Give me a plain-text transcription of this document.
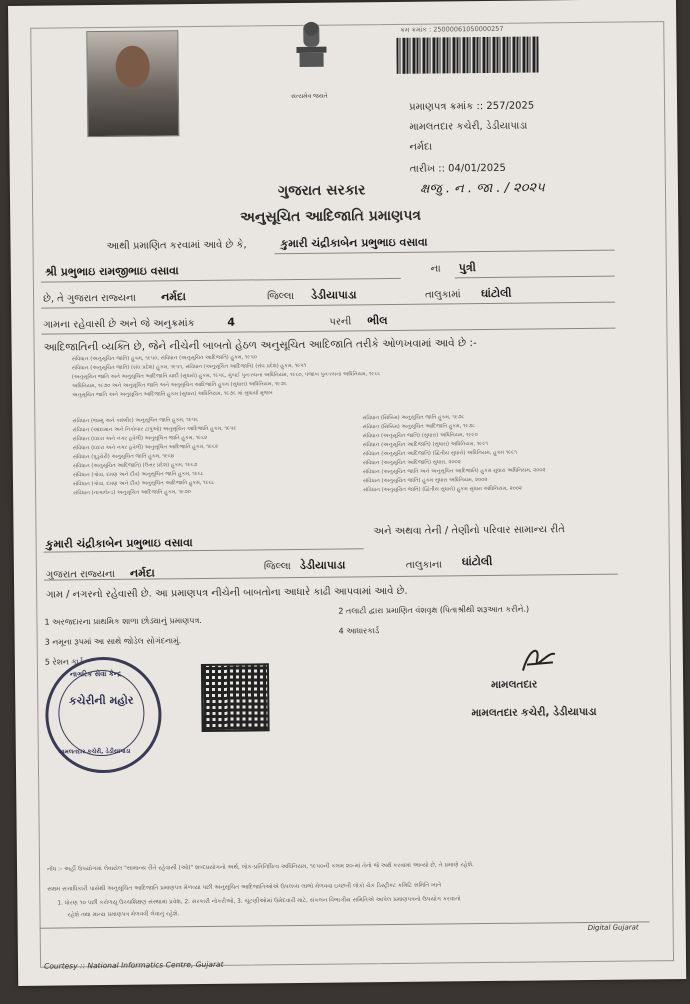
સત્યમેવ જયતે
ક્રમ ક્રમાંક : 25000061050000257
પ્રમાણપત્ર ક્રમાંક :: 257/2025
મામલતદાર કચેરી, ડેડીયાપાડા
નર્મદા
તારીખ :: 04/01/2025
ક્ષજુ . ન . જા . / ૨૦૨૫
ગુજરાત સરકાર
અનુસૂચિત આદિજાતિ પ્રમાણપત્ર
આથી પ્રમાણિત કરવામાં આવે છે કે,	કુમારી ચંદ્રીકાબેન પ્રભુભાઇ વસાવા
શ્રી પ્રભુભાઇ રામજીભાઇ વસાવા	ના પુત્રી
છે, તે ગુજરાત રાજ્યના નર્મદા	જિલ્લા ડેડીયાપાડા	તાલુકામાં ઘાંટોલી
ગામના રહેવાસી છે અને જે અનુક્રમાંક	4	પરની ભીલ
આદિજાતિની વ્યક્તિ છે, જેને નીચેની બાબતો હેઠળ અનુસૂચિત આદિજાતિ તરીકે ઓળખવામાં આવે છે :-
સંવિધાન (અનુસૂચિત જાતિ) હુકમ, ૧૯૫૦, સંવિધાન (અનુસૂચિત આદિજાતિ) હુકમ, ૧૯૫૦
સંવિધાન (અનુસૂચિત જાતિ) (સંઘ પ્રદેશ) હુકમ, ૧૯૫૧, સંવિધાન (અનુસૂચિત આદિજાતિ) (સંઘ પ્રદેશ) હુકમ, ૧૯૫૧
(અનુસૂચિત જાતિ અને અનુસૂચિત આદિજાતિ યાદી (સુધારો) હુકમ, ૧૯૫૬, મુંબઈ પુનઃરચના અધિનિયમ, ૧૯૬૦, પંજાબ પુનઃરચના અધિનિયમ, ૧૯૬૬
અધિનિયમ, ૧૯૭૦ અને અનુસૂચિત જાતિ અને અનુસૂચિત આદિજાતિ હુકમ (સુધારા) અધિનિયમ, ૧૯૭૬
અનુસૂચિત જાતિ અને અનુસૂચિત આદિજાતિ હુકમ (સુધારા) અધિનિયમ, ૧૯૭૬ માં સુધાર્યા મુજબ
સંવિધાન (જમ્મુ અને કાશ્મીર) અનુસૂચિત જાતિ હુકમ, ૧૯૫૬
સંવિધાન (આંદામાન અને નિકોબાર ટાપુઓ) અનુસૂચિત આદિજાતિ હુકમ, ૧૯૫૯
સંવિધાન (દાદરા અને નગર હવેલી) અનુસૂચિત જાતિ હુકમ, ૧૯૬૨
સંવિધાન (દાદરા અને નગર હવેલી) અનુસૂચિત આદિજાતિ હુકમ, ૧૯૬૨
સંવિધાન (પુડુચેરી) અનુસૂચિત જાતિ હુકમ, ૧૯૬૪
સંવિધાન (અનુસૂચિત આદિજાતિ) (ઉત્તર પ્રદેશ) હુકમ, ૧૯૬૭
સંવિધાન (ગોવા, દમણ અને દીવ) અનુસૂચિત જાતિ હુકમ, ૧૯૬૮
સંવિધાન (ગોવા, દમણ અને દીવ) અનુસૂચિત આદિજાતિ હુકમ, ૧૯૬૮
સંવિધાન (નાગાલેન્ડ) અનુસૂચિત આદિજાતિ હુકમ, ૧૯૭૦
સંવિધાન (સિક્કિમ) અનુસૂચિત જાતિ હુકમ, ૧૯૭૮
સંવિધાન (સિક્કિમ) અનુસૂચિત આદિજાતિ હુકમ, ૧૯૭૮
સંવિધાન (અનુસૂચિત જાતિ) (સુધારા) અધિનિયમ, ૧૯૯૦
સંવિધાન (અનુસૂચિત આદિજાતિ) (સુધારા) અધિનિયમ, ૧૯૯૧
સંવિધાન (અનુસૂચિત આદિજાતિ) (દ્વિતીય સુધારો) અધિનિયમ, હુકમ ૧૯૯૧
સંવિધાન (અનુસૂચિત આદિજાતિ) સુધારા, ૨૦૦૨
સંવિધાન (અનુસૂચિત જાતિ અને અનુસૂચિત આદિજાતિ) હુકમ સુધારા અધિનિયમ, ૨૦૦૨
સંવિધાન (અનુસૂચિત જાતિ) હુકમ સુધારા અધિનિયમ, ૨૦૦૨
સંવિધાન (અનુસૂચિત જાતિ) (દ્વિતીય સુધારો) હુકમ સુધારા અધિનિયમ, ૨૦૦૨
અને અથવા તેની / તેણીનો પરિવાર સામાન્ય રીતે
કુમારી ચંદ્રીકાબેન પ્રભુભાઇ વસાવા
ગુજરાત રાજ્યના નર્મદા	જિલ્લા ડેડીયાપાડા	તાલુકાના ઘાંટોલી
ગામ / નગરનો રહેવાસી છે. આ પ્રમાણપત્ર નીચેની બાબતોના આધારે કાઢી આપવામાં આવે છે.
1 અરજદારના પ્રાથમિક શાળા છોડ્યાનું પ્રમાણપત્ર.
2 તલાટી દ્વારા પ્રમાણિત વંશવૃક્ષ (પિતાશ્રીથી શરૂઆત કરીને.)
3 નમૂના રૂપમાં આ સાથે જોડેલ સોગંદનામું.
4 આધારકાર્ડ
5 રેશન કાર્ડ
મામલતદાર
મામલતદાર કચેરી, ડેડીયાપાડા
નાગરિક સેવા કેન્દ્ર
કચેરીની મહોર
મામલતદાર કચેરી, ડેડીયાપાડા
નોંધ :- અહીં ઉપયોગમાં લેવાયેલ "સામાન્ય રીતે રહેવાસી (ઓ)" શબ્દપ્રયોગનો અર્થ, લોક-પ્રતિનિધિત્વ અધિનિયમ, ૧૯૫૦ની કલમ ૨૦-માં તેનો જે અર્થ કરવામાં આવ્યો છે, તે પ્રમાણે રહેશે.
સક્ષમ સત્તાધિકારી પાસેથી અનુસૂચિત આદિજાતિ પ્રમાણપત્ર મેળવ્યા પછી અનુસૂચિત આદિજાતિઓએ ઉપલબ્ધ લાભો મેળવવા ઇચ્છતી લોકો ચેક ડિસ્ટ્રીક્ટ કમિટિ સમિતિ ખાતે
1. ધોરણ ૧૦ પછી કરોળયુ ઉચ્ચશિક્ષણ સંસ્થામાં પ્રવેશ, 2. સરકારી નોકરીઓ, 3. ચૂંટણીઓમાં ઉમેદવારી માટે, સંકલન વિભાગીય સમિતિએ આપેલ પ્રમાણપત્રનો ઉપયોગ કરવાનો
રહેશે તથા માન્ય પ્રમાણપત્ર મેળવવી લેવાનું રહેશે.
Digital Gujarat
Courtesy :: National Informatics Centre, Gujarat
